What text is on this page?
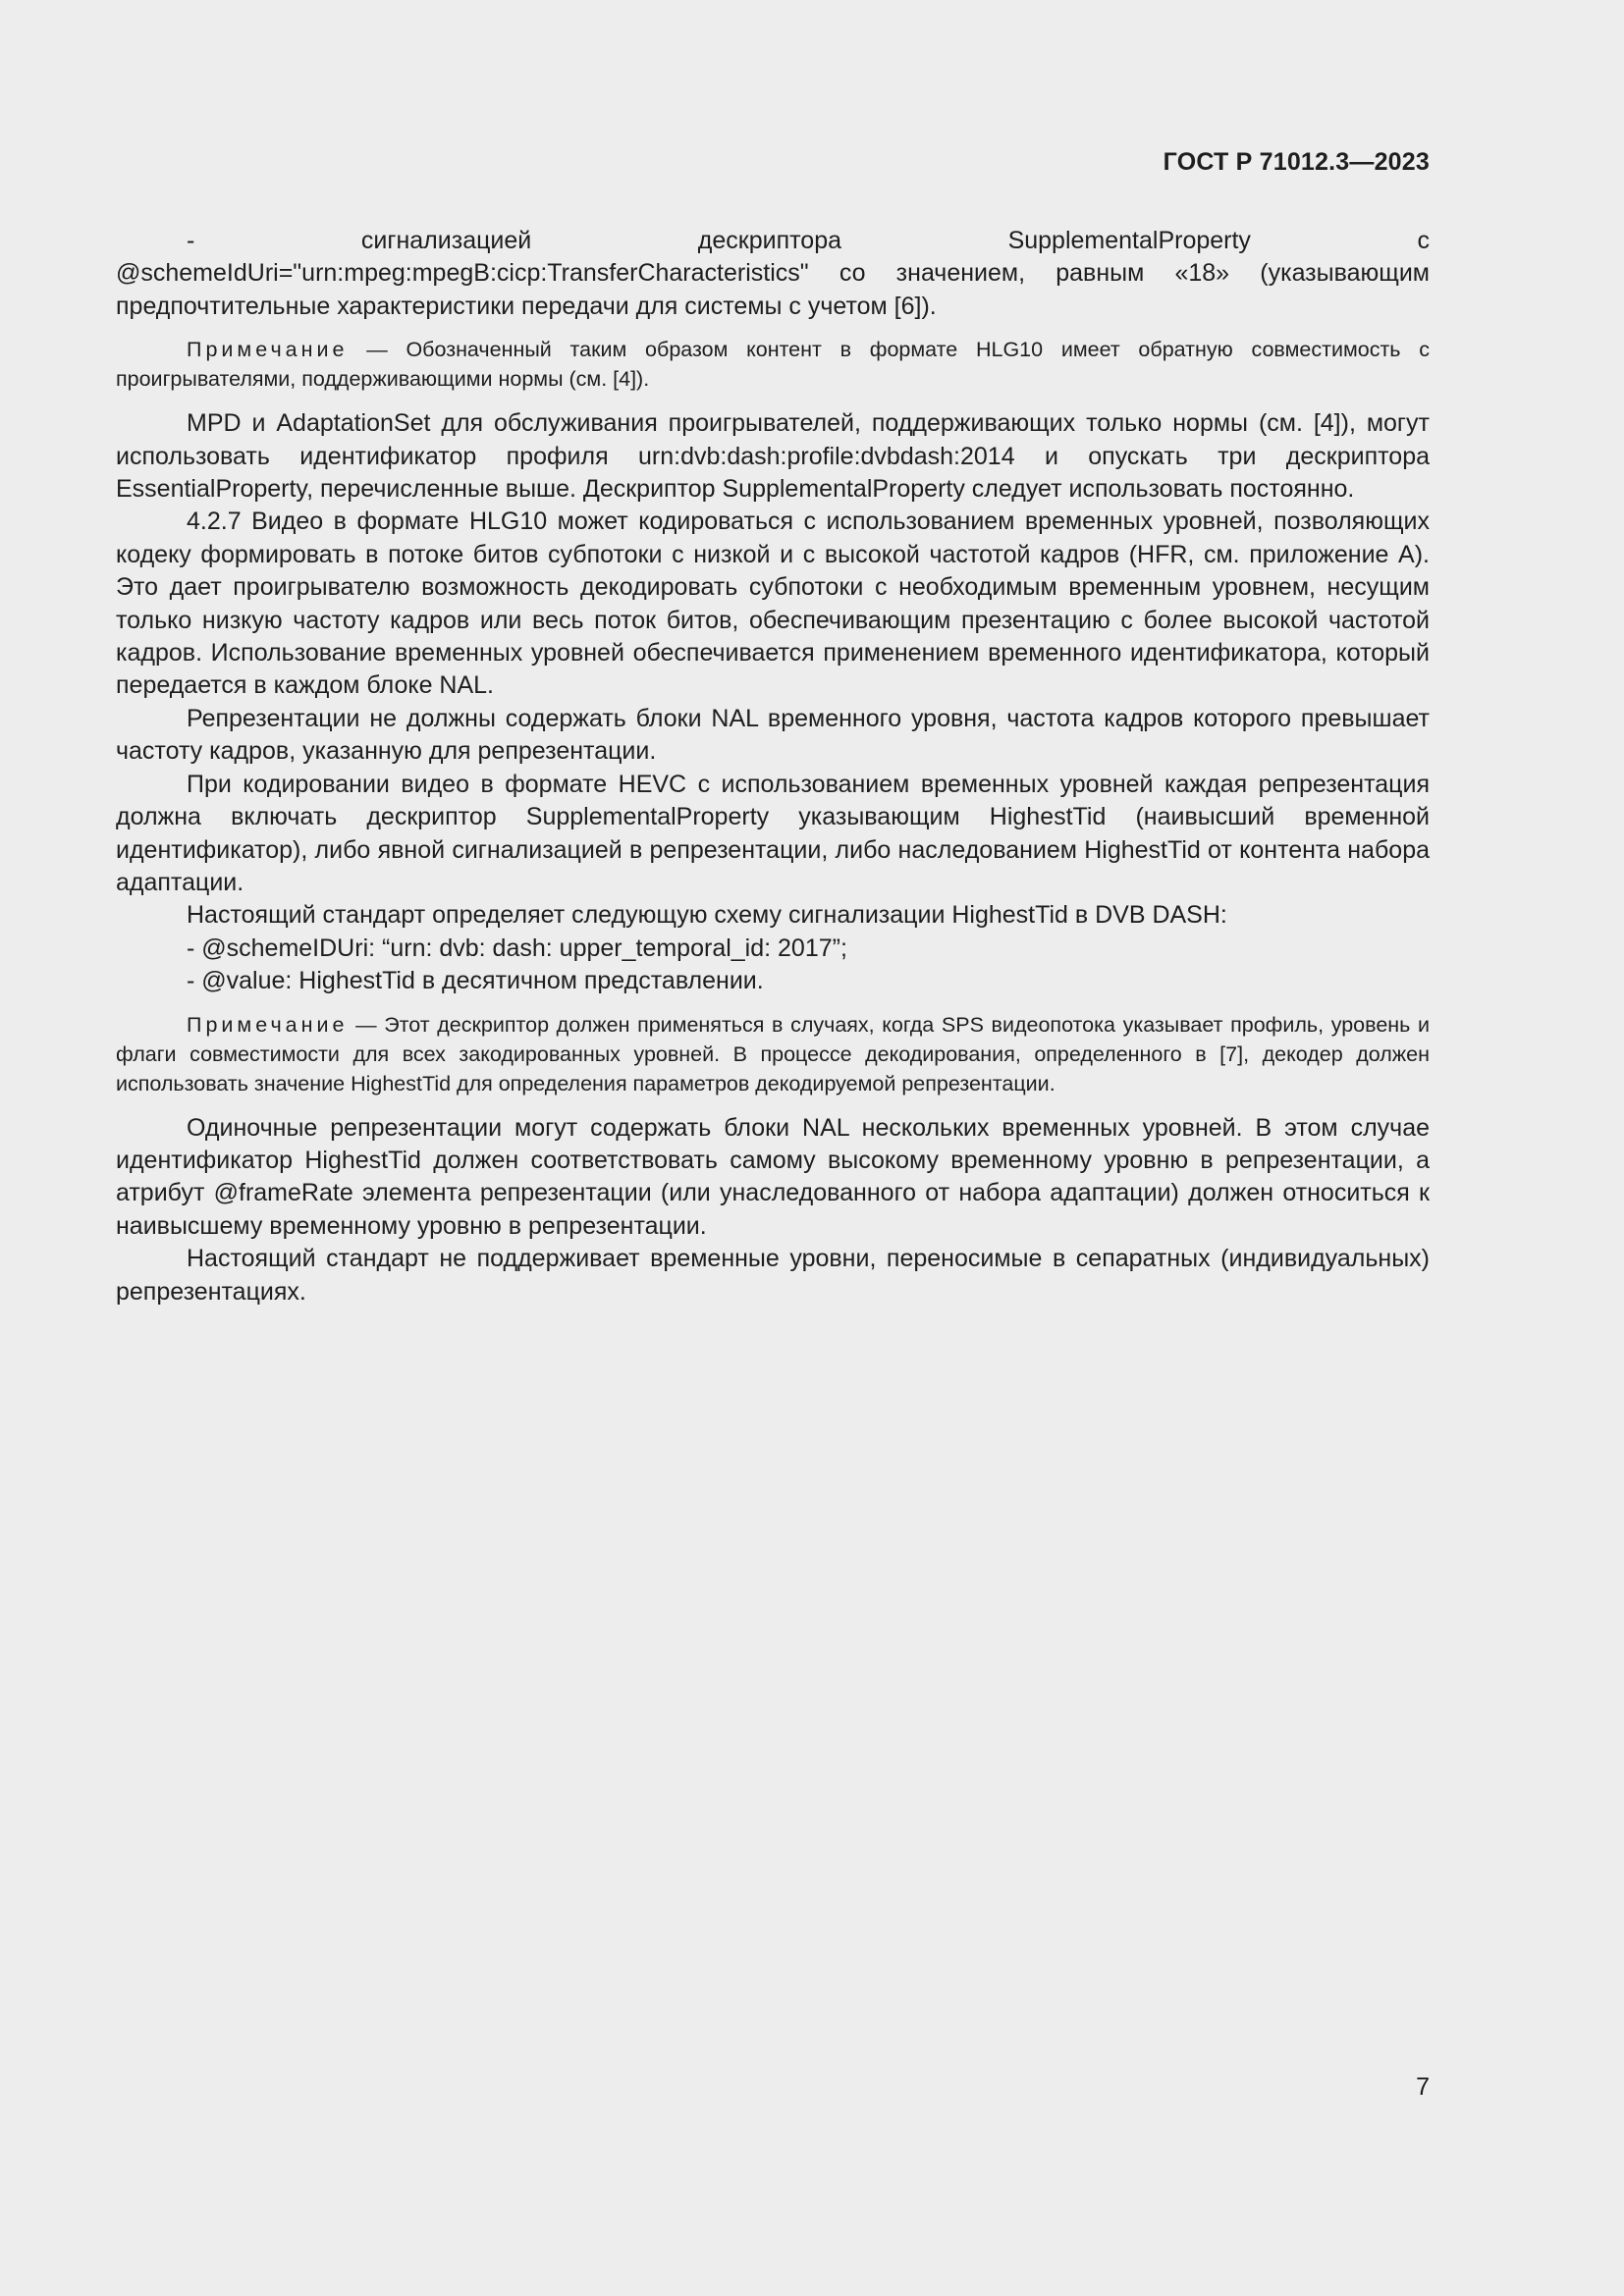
ГОСТ Р 71012.3—2023

- сигнализацией дескриптора SupplementalProperty с @schemeIdUri="urn:mpeg:mpegB:cicp:TransferCharacteristics" со значением, равным «18» (указывающим предпочтительные характеристики передачи для системы с учетом [6]).

Примечание — Обозначенный таким образом контент в формате HLG10 имеет обратную совместимость с проигрывателями, поддерживающими нормы (см. [4]).

MPD и AdaptationSet для обслуживания проигрывателей, поддерживающих только нормы (см. [4]), могут использовать идентификатор профиля urn:dvb:dash:profile:dvbdash:2014 и опускать три дескриптора EssentialProperty, перечисленные выше. Дескриптор SupplementalProperty следует использовать постоянно.

4.2.7 Видео в формате HLG10 может кодироваться с использованием временных уровней, позволяющих кодеку формировать в потоке битов субпотоки с низкой и с высокой частотой кадров (HFR, см. приложение А). Это дает проигрывателю возможность декодировать субпотоки с необходимым временным уровнем, несущим только низкую частоту кадров или весь поток битов, обеспечивающим презентацию с более высокой частотой кадров. Использование временных уровней обеспечивается применением временного идентификатора, который передается в каждом блоке NAL.

Репрезентации не должны содержать блоки NAL временного уровня, частота кадров которого превышает частоту кадров, указанную для репрезентации.

При кодировании видео в формате HEVC с использованием временных уровней каждая репрезентация должна включать дескриптор SupplementalProperty указывающим HighestTid (наивысший временной идентификатор), либо явной сигнализацией в репрезентации, либо наследованием HighestTid от контента набора адаптации.

Настоящий стандарт определяет следующую схему сигнализации HighestTid в DVB DASH:

- @schemeIDUri: “urn: dvb: dash: upper_temporal_id: 2017”;

- @value: HighestTid в десятичном представлении.

Примечание — Этот дескриптор должен применяться в случаях, когда SPS видеопотока указывает профиль, уровень и флаги совместимости для всех закодированных уровней. В процессе декодирования, определенного в [7], декодер должен использовать значение HighestTid для определения параметров декодируемой репрезентации.

Одиночные репрезентации могут содержать блоки NAL нескольких временных уровней. В этом случае идентификатор HighestTid должен соответствовать самому высокому временному уровню в репрезентации, а атрибут @frameRate элемента репрезентации (или унаследованного от набора адаптации) должен относиться к наивысшему временному уровню в репрезентации.

Настоящий стандарт не поддерживает временные уровни, переносимые в сепаратных (индивидуальных) репрезентациях.

7
